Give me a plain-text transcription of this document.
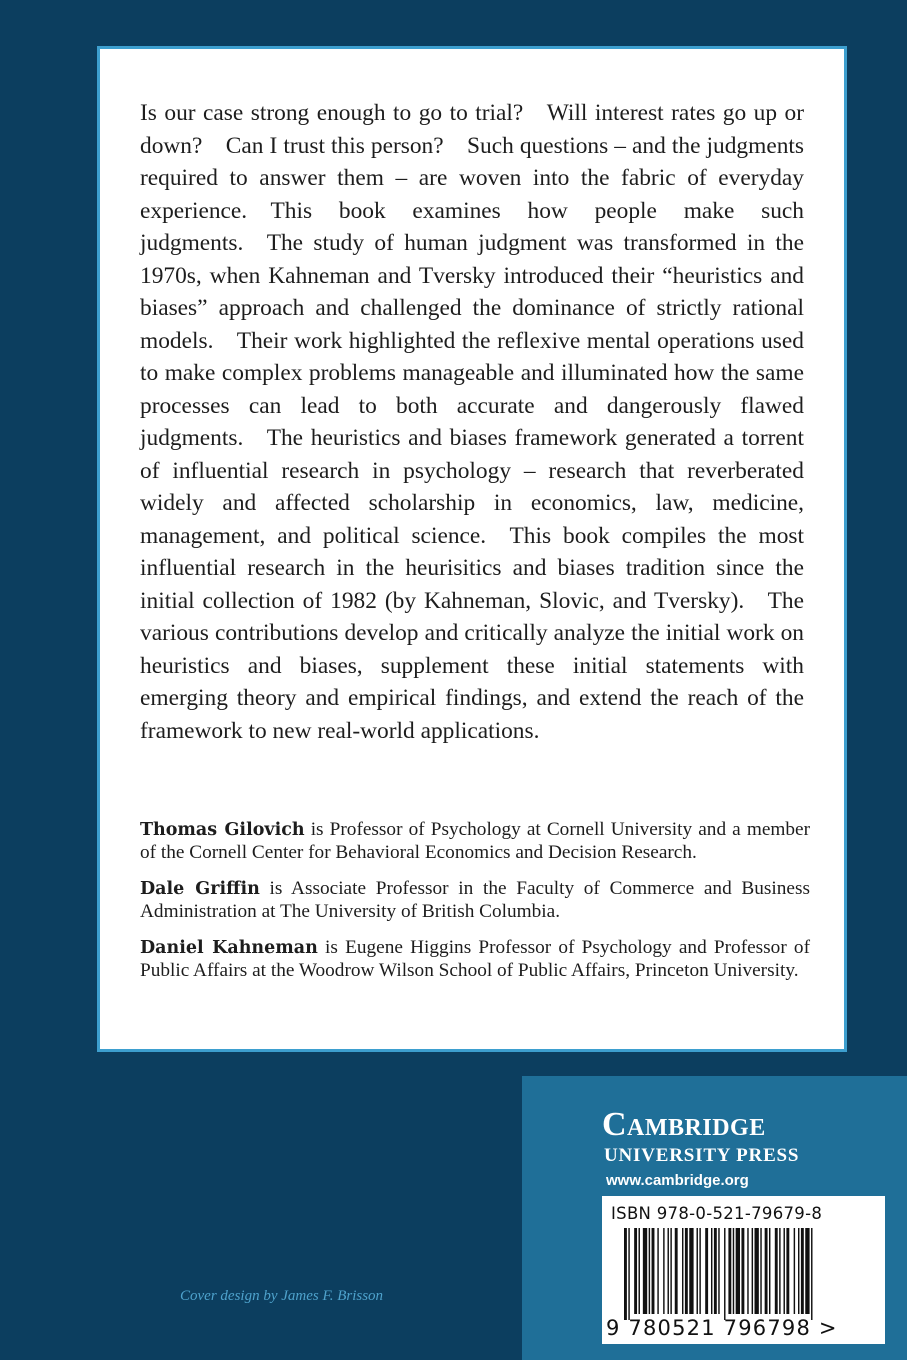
Is our case strong enough to go to trial? Will interest rates go up or down? Can I trust this person? Such questions – and the judgments required to answer them – are woven into the fabric of everyday experience. This book examines how people make such judgments. The study of human judgment was transformed in the 1970s, when Kahneman and Tversky introduced their “heuristics and biases” approach and challenged the dominance of strictly rational models. Their work highlighted the reflexive mental operations used to make complex problems manageable and illuminated how the same processes can lead to both accurate and dangerously flawed judgments. The heuristics and biases framework generated a torrent of influential research in psychology – research that reverberated widely and affected scholarship in economics, law, medicine, management, and political science. This book compiles the most influential research in the heurisitics and biases tradition since the initial collection of 1982 (by Kahneman, Slovic, and Tversky). The various contributions develop and critically analyze the initial work on heuristics and biases, supplement these initial statements with emerging theory and empirical findings, and extend the reach of the framework to new real-world applications.

Thomas Gilovich is Professor of Psychology at Cornell University and a member of the Cornell Center for Behavioral Economics and Decision Research.

Dale Griffin is Associate Professor in the Faculty of Commerce and Business Administration at The University of British Columbia.

Daniel Kahneman is Eugene Higgins Professor of Psychology and Professor of Public Affairs at the Woodrow Wilson School of Public Affairs, Princeton University.

Cambridge
UNIVERSITY PRESS
www.cambridge.org
ISBN 978-0-521-79679-8
9 780521 796798 >
Cover design by James F. Brisson
